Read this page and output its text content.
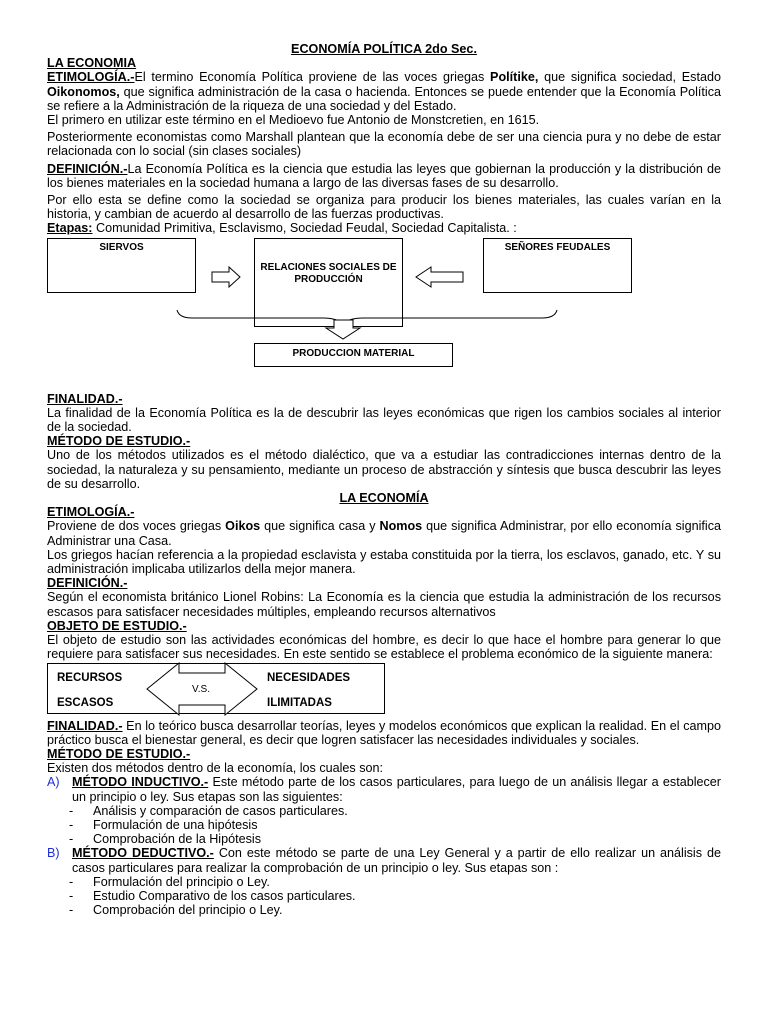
ECONOMÍA POLÍTICA 2do Sec.

LA ECONOMIA

ETIMOLOGÍA.-El termino Economía Política proviene de las voces griegas Polítike, que significa sociedad, Estado Oikonomos, que significa administración de la casa o hacienda. Entonces se puede entender que la Economía Política se refiere a la Administración de la riqueza de una sociedad y del Estado.

El primero en utilizar este término en el Medioevo fue Antonio de Monstcretien, en 1615.

Posteriormente economistas como Marshall plantean que la economía debe de ser una ciencia pura y no debe de estar relacionada con lo social (sin clases sociales)

DEFINICIÓN.-La Economía Política es la ciencia que estudia las leyes que gobiernan la producción y la distribución de los bienes materiales en la sociedad humana a largo de las diversas fases de su desarrollo.

Por ello esta se define como la sociedad se organiza para producir los bienes materiales, las cuales varían en la historia, y cambian de acuerdo al desarrollo de las fuerzas productivas.

Etapas: Comunidad Primitiva, Esclavismo, Sociedad Feudal, Sociedad Capitalista. :

SIERVOS
RELACIONES SOCIALES DE PRODUCCIÓN
SEÑORES FEUDALES
PRODUCCION MATERIAL

FINALIDAD.-

La finalidad de la Economía Política es la de descubrir las leyes económicas que rigen los cambios sociales al interior de la sociedad.

MÉTODO DE ESTUDIO.-

Uno de los métodos utilizados es el método dialéctico, que va a estudiar las contradicciones internas dentro de la sociedad, la naturaleza y su pensamiento, mediante un proceso de abstracción y síntesis que busca descubrir las leyes de su desarrollo.

LA ECONOMÍA

ETIMOLOGÍA.-

Proviene de dos voces griegas Oikos que significa casa y Nomos que significa Administrar, por ello economía significa Administrar una Casa.

Los griegos hacían referencia a la propiedad esclavista y estaba constituida por la tierra, los esclavos, ganado, etc. Y su administración implicaba utilizarlos della mejor manera.

DEFINICIÓN.-

Según el economista británico Lionel Robins: La Economía es la ciencia que estudia la administración de los recursos escasos para satisfacer necesidades múltiples, empleando recursos alternativos

OBJETO DE ESTUDIO.-

El objeto de estudio son las actividades económicas del hombre, es decir lo que hace el hombre para generar lo que requiere para satisfacer sus necesidades. En este sentido se establece el problema económico de la siguiente manera:

RECURSOS
ESCASOS
V.S.
NECESIDADES
ILIMITADAS

FINALIDAD.- En lo teórico busca desarrollar teorías, leyes y modelos económicos que explican la realidad. En el campo práctico busca el bienestar general, es decir que logren satisfacer las necesidades individuales y sociales.

MÉTODO DE ESTUDIO.-

Existen dos métodos dentro de la economía, los cuales son:

A) MÉTODO INDUCTIVO.- Este método parte de los casos particulares, para luego de un análisis llegar a establecer un principio o ley. Sus etapas son las siguientes:
- Análisis y comparación de casos particulares.
- Formulación de una hipótesis
- Comprobación de la Hipótesis
B) MÉTODO DEDUCTIVO.- Con este método se parte de una Ley General y a partir de ello realizar un análisis de casos particulares para realizar la comprobación de un principio o ley. Sus etapas son :
- Formulación del principio o Ley.
- Estudio Comparativo de los casos particulares.
- Comprobación del principio o Ley.
